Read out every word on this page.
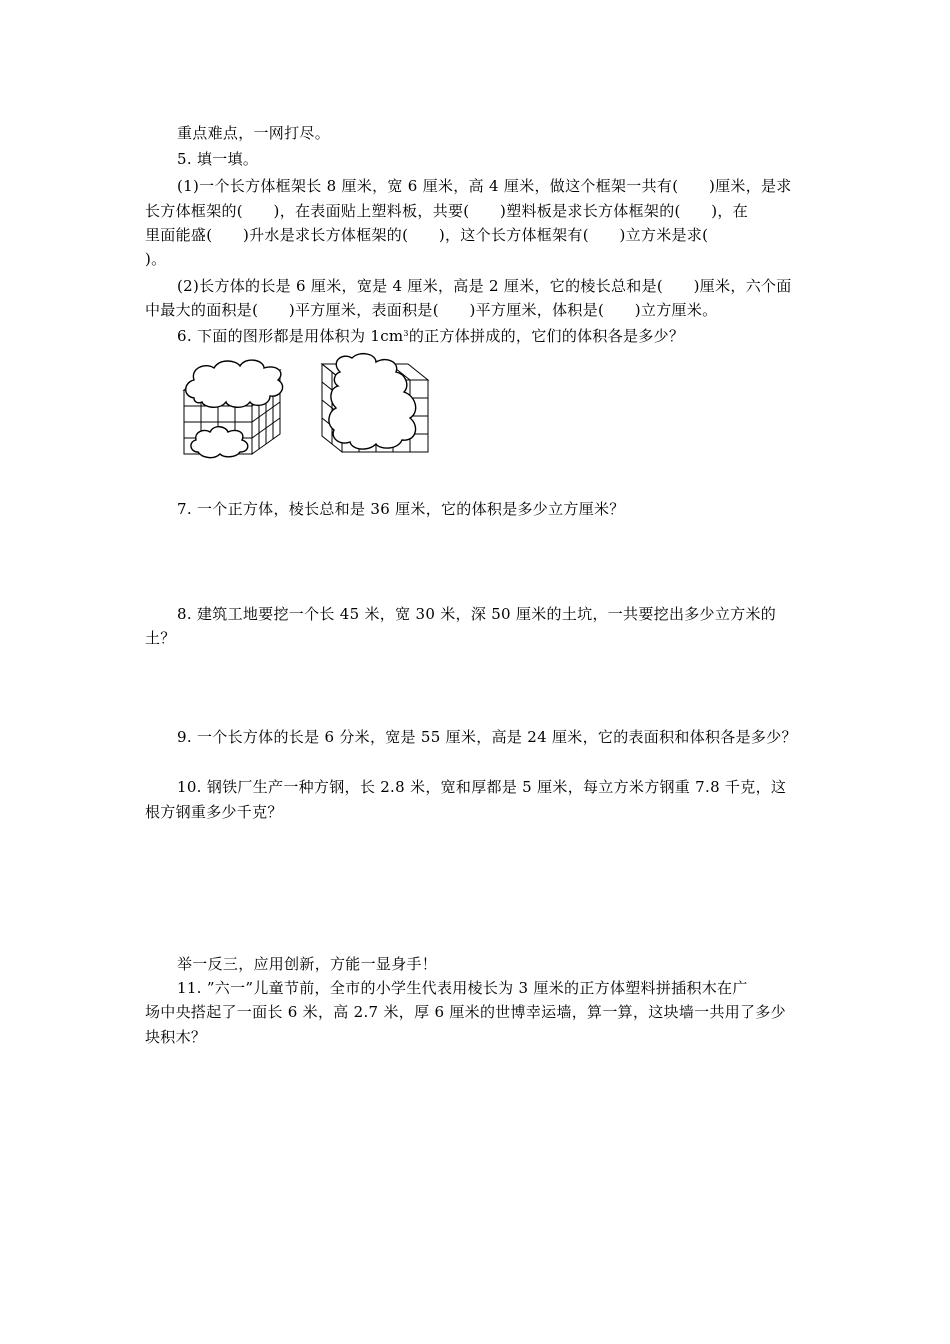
重点难点，一网打尽。
5. 填一填。
(1)一个长方体框架长 8 厘米，宽 6 厘米，高 4 厘米，做这个框架一共有(　　)厘米，是求
长方体框架的(　　)，在表面贴上塑料板，共要(　　)塑料板是求长方体框架的(　　)，在
里面能盛(　　)升水是求长方体框架的(　　)，这个长方体框架有(　　)立方米是求(
)。
(2)长方体的长是 6 厘米，宽是 4 厘米，高是 2 厘米，它的棱长总和是(　　)厘米，六个面
中最大的面积是(　　)平方厘米，表面积是(　　)平方厘米，体积是(　　)立方厘米。
6. 下面的图形都是用体积为 $1cm^3$的正方体拼成的，它们的体积各是多少？
7. 一个正方体，棱长总和是 36 厘米，它的体积是多少立方厘米？
8. 建筑工地要挖一个长 45 米，宽 30 米，深 50 厘米的土坑，一共要挖出多少立方米的
土？
9. 一个长方体的长是 6 分米，宽是 55 厘米，高是 24 厘米，它的表面积和体积各是多少？
10. 钢铁厂生产一种方钢，长 2.8 米，宽和厚都是 5 厘米，每立方米方钢重 7.8 千克，这
根方钢重多少千克？
举一反三，应用创新，方能一显身手！
11. ”六一”儿童节前，全市的小学生代表用棱长为 3 厘米的正方体塑料拼插积木在广
场中央搭起了一面长 6 米，高 2.7 米，厚 6 厘米的世博幸运墙，算一算，这块墙一共用了多少
块积木？
